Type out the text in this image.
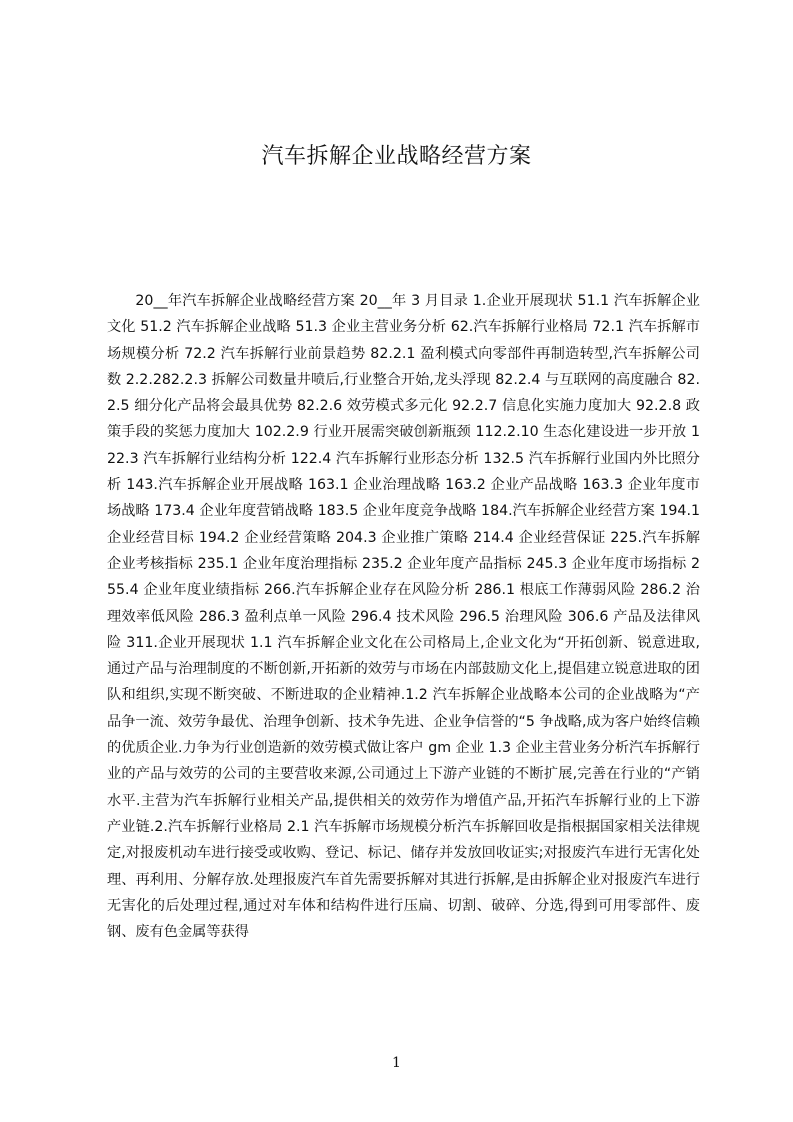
汽车拆解企业战略经营方案

20__年汽车拆解企业战略经营方案 20__年 3 月目录 1.企业开展现状 51.1 汽车拆解企业文化 51.2 汽车拆解企业战略 51.3 企业主营业务分析 62.汽车拆解行业格局 72.1 汽车拆解市场规模分析 72.2 汽车拆解行业前景趋势 82.2.1 盈利模式向零部件再制造转型,汽车拆解公司数 2.2.282.2.3 拆解公司数量井喷后,行业整合开始,龙头浮现 82.2.4 与互联网的高度融合 82.2.5 细分化产品将会最具优势 82.2.6 效劳模式多元化 92.2.7 信息化实施力度加大 92.2.8 政策手段的奖惩力度加大 102.2.9 行业开展需突破创新瓶颈 112.2.10 生态化建设进一步开放 122.3 汽车拆解行业结构分析 122.4 汽车拆解行业形态分析 132.5 汽车拆解行业国内外比照分析 143.汽车拆解企业开展战略 163.1 企业治理战略 163.2 企业产品战略 163.3 企业年度市场战略 173.4 企业年度营销战略 183.5 企业年度竞争战略 184.汽车拆解企业经营方案 194.1 企业经营目标 194.2 企业经营策略 204.3 企业推广策略 214.4 企业经营保证 225.汽车拆解企业考核指标 235.1 企业年度治理指标 235.2 企业年度产品指标 245.3 企业年度市场指标 255.4 企业年度业绩指标 266.汽车拆解企业存在风险分析 286.1 根底工作薄弱风险 286.2 治理效率低风险 286.3 盈利点单一风险 296.4 技术风险 296.5 治理风险 306.6 产品及法律风险 311.企业开展现状 1.1 汽车拆解企业文化在公司格局上,企业文化为“开拓创新、锐意进取,通过产品与治理制度的不断创新,开拓新的效劳与市场在内部鼓励文化上,提倡建立锐意进取的团队和组织,实现不断突破、不断进取的企业精神.1.2 汽车拆解企业战略本公司的企业战略为“产品争一流、效劳争最优、治理争创新、技术争先进、企业争信誉的“5 争战略,成为客户始终信赖的优质企业.力争为行业创造新的效劳模式做让客户 gm 企业 1.3 企业主营业务分析汽车拆解行业的产品与效劳的公司的主要营收来源,公司通过上下游产业链的不断扩展,完善在行业的“产销水平.主营为汽车拆解行业相关产品,提供相关的效劳作为增值产品,开拓汽车拆解行业的上下游产业链.2.汽车拆解行业格局 2.1 汽车拆解市场规模分析汽车拆解回收是指根据国家相关法律规定,对报废机动车进行接受或收购、登记、标记、储存并发放回收证实;对报废汽车进行无害化处理、再利用、分解存放.处理报废汽车首先需要拆解对其进行拆解,是由拆解企业对报废汽车进行无害化的后处理过程,通过对车体和结构件进行压扁、切割、破碎、分选,得到可用零部件、废钢、废有色金属等获得

1
